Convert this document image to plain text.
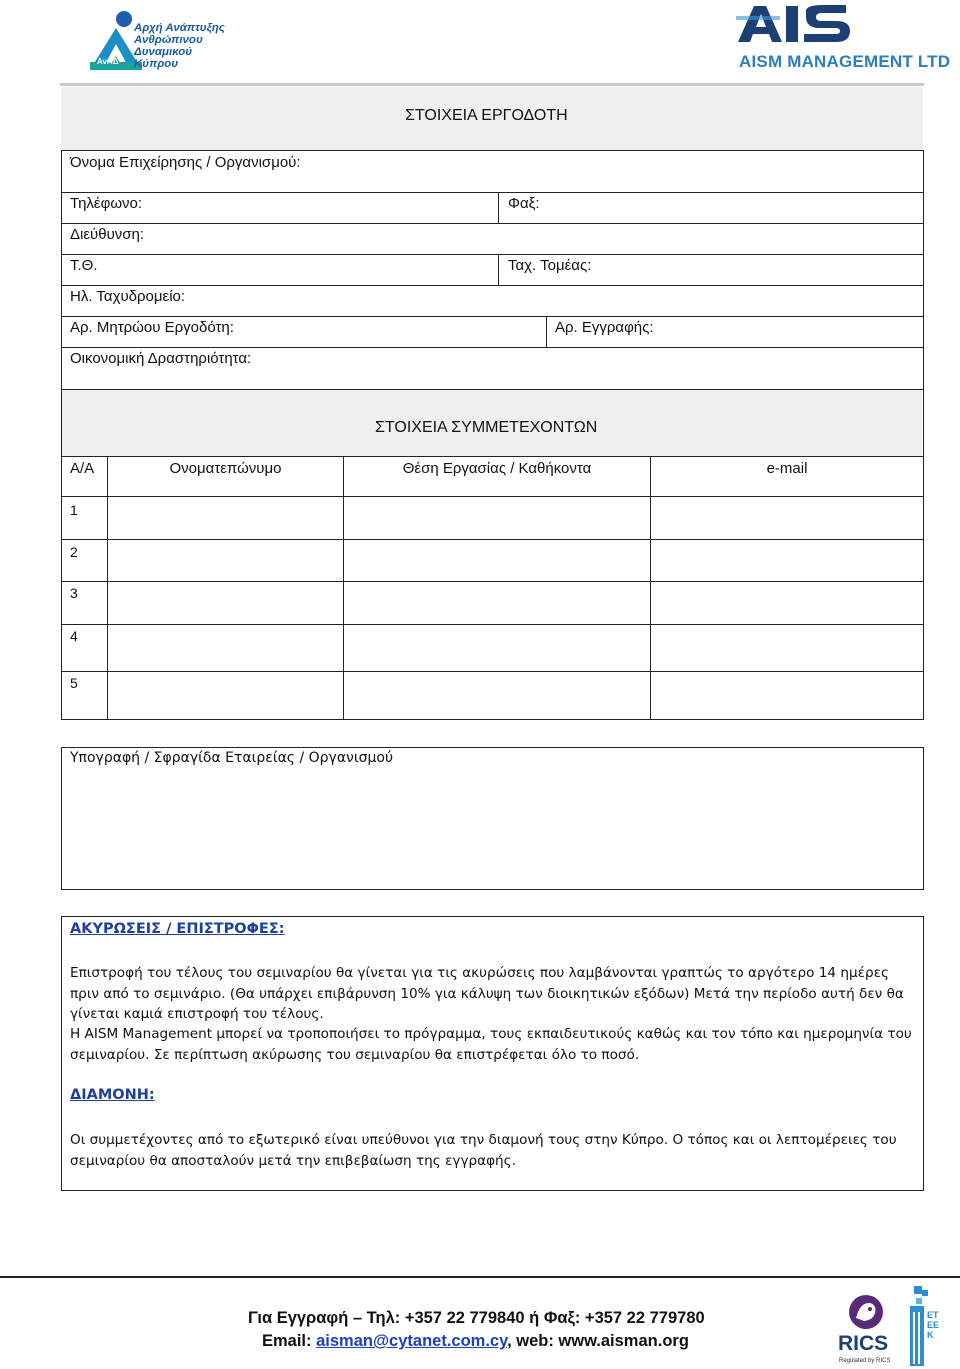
Αρχή Ανάπτυξης
Ανθρώπινου
Δυναμικού
Κύπρου
ΑνΑΔ	AISM MANAGEMENT LTD
ΣΤΟΙΧΕΙΑ ΕΡΓΟΔΟΤΗ
Όνομα Επιχείρησης / Οργανισμού:
Τηλέφωνο:	Φαξ:
Διεύθυνση:
Τ.Θ.	Ταχ. Τομέας:
Ηλ. Ταχυδρομείο:
Αρ. Μητρώου Εργοδότη:	Αρ. Εγγραφής:
Οικονομική Δραστηριότητα:
ΣΤΟΙΧΕΙΑ ΣΥΜΜΕΤΕΧΟΝΤΩΝ
Α/Α	Ονοματεπώνυμο	Θέση Εργασίας / Καθήκοντα	e-mail
1
2
3
4
5
Υπογραφή / Σφραγίδα Εταιρείας / Οργανισμού
ΑΚΥΡΩΣΕΙΣ / ΕΠΙΣΤΡΟΦΕΣ:
Επιστροφή του τέλους του σεμιναρίου θα γίνεται για τις ακυρώσεις που λαμβάνονται γραπτώς το αργότερο 14 ημέρες πριν από το σεμινάριο. (Θα υπάρχει επιβάρυνση 10% για κάλυψη των διοικητικών εξόδων) Μετά την περίοδο αυτή δεν θα γίνεται καμιά επιστροφή του τέλους.
Η AISM Management μπορεί να τροποποιήσει το πρόγραμμα, τους εκπαιδευτικούς καθώς και τον τόπο και ημερομηνία του σεμιναρίου. Σε περίπτωση ακύρωσης του σεμιναρίου θα επιστρέφεται όλο το ποσό.
ΔΙΑΜΟΝΗ:
Οι συμμετέχοντες από το εξωτερικό είναι υπεύθυνοι για την διαμονή τους στην Κύπρο. Ο τόπος και οι λεπτομέρειες του σεμιναρίου θα αποσταλούν μετά την επιβεβαίωση της εγγραφής.
Για Εγγραφή – Τηλ: +357 22 779840 ή Φαξ: +357 22 779780
Email: aisman@cytanet.com.cy, web: www.aisman.org	RICS
Regulated by RICS
ΕΤΕΕΚ
